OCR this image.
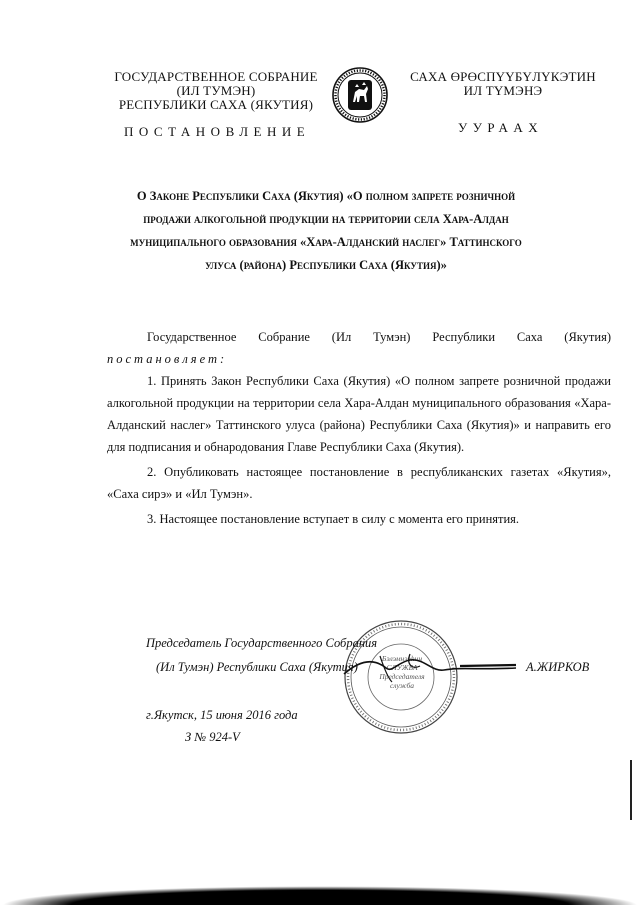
ГОСУДАРСТВЕННОЕ СОБРАНИЕ
(ИЛ ТУМЭН)
РЕСПУБЛИКИ САХА (ЯКУТИЯ)
САХА ӨРӨСПҮҮБҮЛҮКЭТИН
ИЛ ТҮМЭНЭ
ПОСТАНОВЛЕНИЕ	УУРААХ
О Законе Республики Саха (Якутия) «О полном запрете розничной
продажи алкогольной продукции на территории села Хара-Алдан
муниципального образования «Хара-Алданский наслег» Таттинского
улуса (района) Республики Саха (Якутия)»
Государственное Собрание (Ил Тумэн) Республики Саха (Якутия)
постановляет:
1. Принять Закон Республики Саха (Якутия) «О полном запрете розничной продажи алкогольной продукции на территории села Хара-Алдан муниципального образования «Хара-Алданский наслег» Таттинского улуса (района) Республики Саха (Якутия)» и направить его для подписания и обнародования Главе Республики Саха (Якутия).
2. Опубликовать настоящее постановление в республиканских газетах «Якутия», «Саха сирэ» и «Ил Тумэн».
3. Настоящее постановление вступает в силу с момента его принятия.
Бэлэмнээһин
СЛУЖБА
Председателя
служба
Председатель Государственного Собрания
(Ил Тумэн) Республики Саха (Якутия)	А.ЖИРКОВ
г.Якутск, 15 июня 2016 года
З № 924-V
